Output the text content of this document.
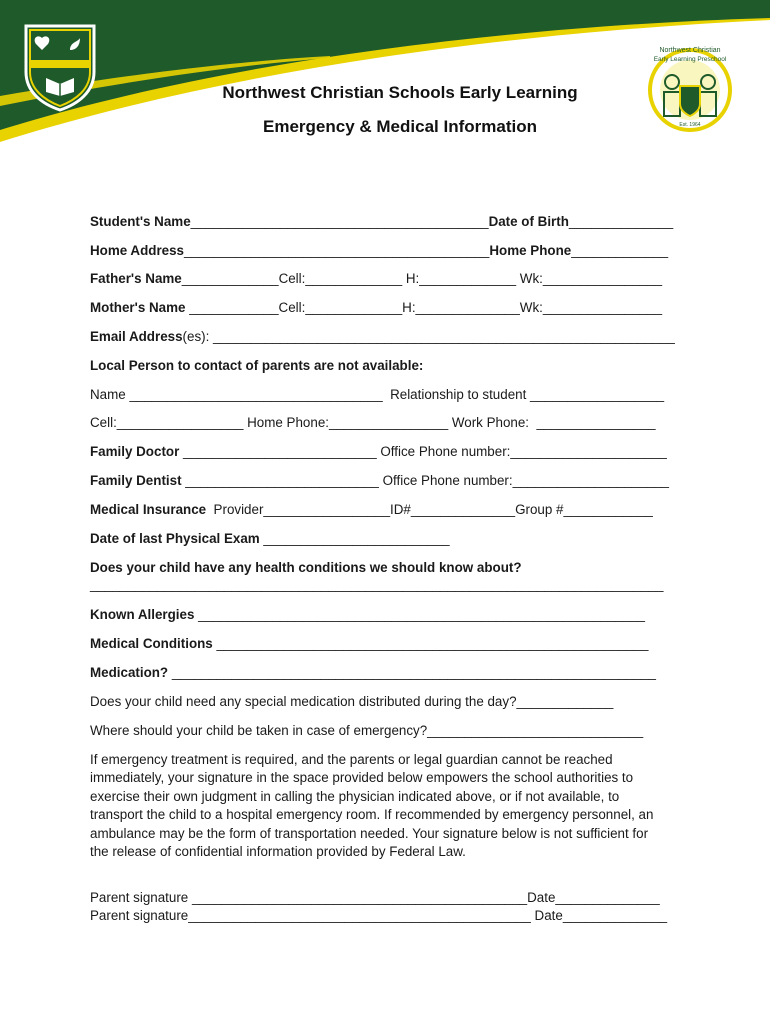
Northwest Christian
Early Learning Preschool
Est. 1964
Northwest Christian Schools Early Learning
Emergency & Medical Information
Student's Name________________________________________Date of Birth______________
Home Address_________________________________________Home Phone_____________
Father's Name_____________Cell:_____________ H:_____________ Wk:________________
Mother's Name ____________Cell:_____________H:______________Wk:________________
Email Address(es): ______________________________________________________________
Local Person to contact of parents are not available:
Name __________________________________  Relationship to student __________________
Cell:_________________ Home Phone:________________ Work Phone:  ________________
Family Doctor __________________________ Office Phone number:_____________________
Family Dentist __________________________ Office Phone number:_____________________
Medical Insurance  Provider_________________ID#______________Group #____________
Date of last Physical Exam _________________________
Does your child have any health conditions we should know about?
_____________________________________________________________________________
Known Allergies ____________________________________________________________
Medical Conditions __________________________________________________________
Medication? _________________________________________________________________
Does your child need any special medication distributed during the day?_____________
Where should your child be taken in case of emergency?_____________________________
If emergency treatment is required, and the parents or legal guardian cannot be reached immediately, your signature in the space provided below empowers the school authorities to exercise their own judgment in calling the physician indicated above, or if not available, to transport the child to a hospital emergency room. If recommended by emergency personnel, an ambulance may be the form of transportation needed. Your signature below is not sufficient for the release of confidential information provided by Federal Law.
Parent signature _____________________________________________Date______________
Parent signature______________________________________________ Date______________
